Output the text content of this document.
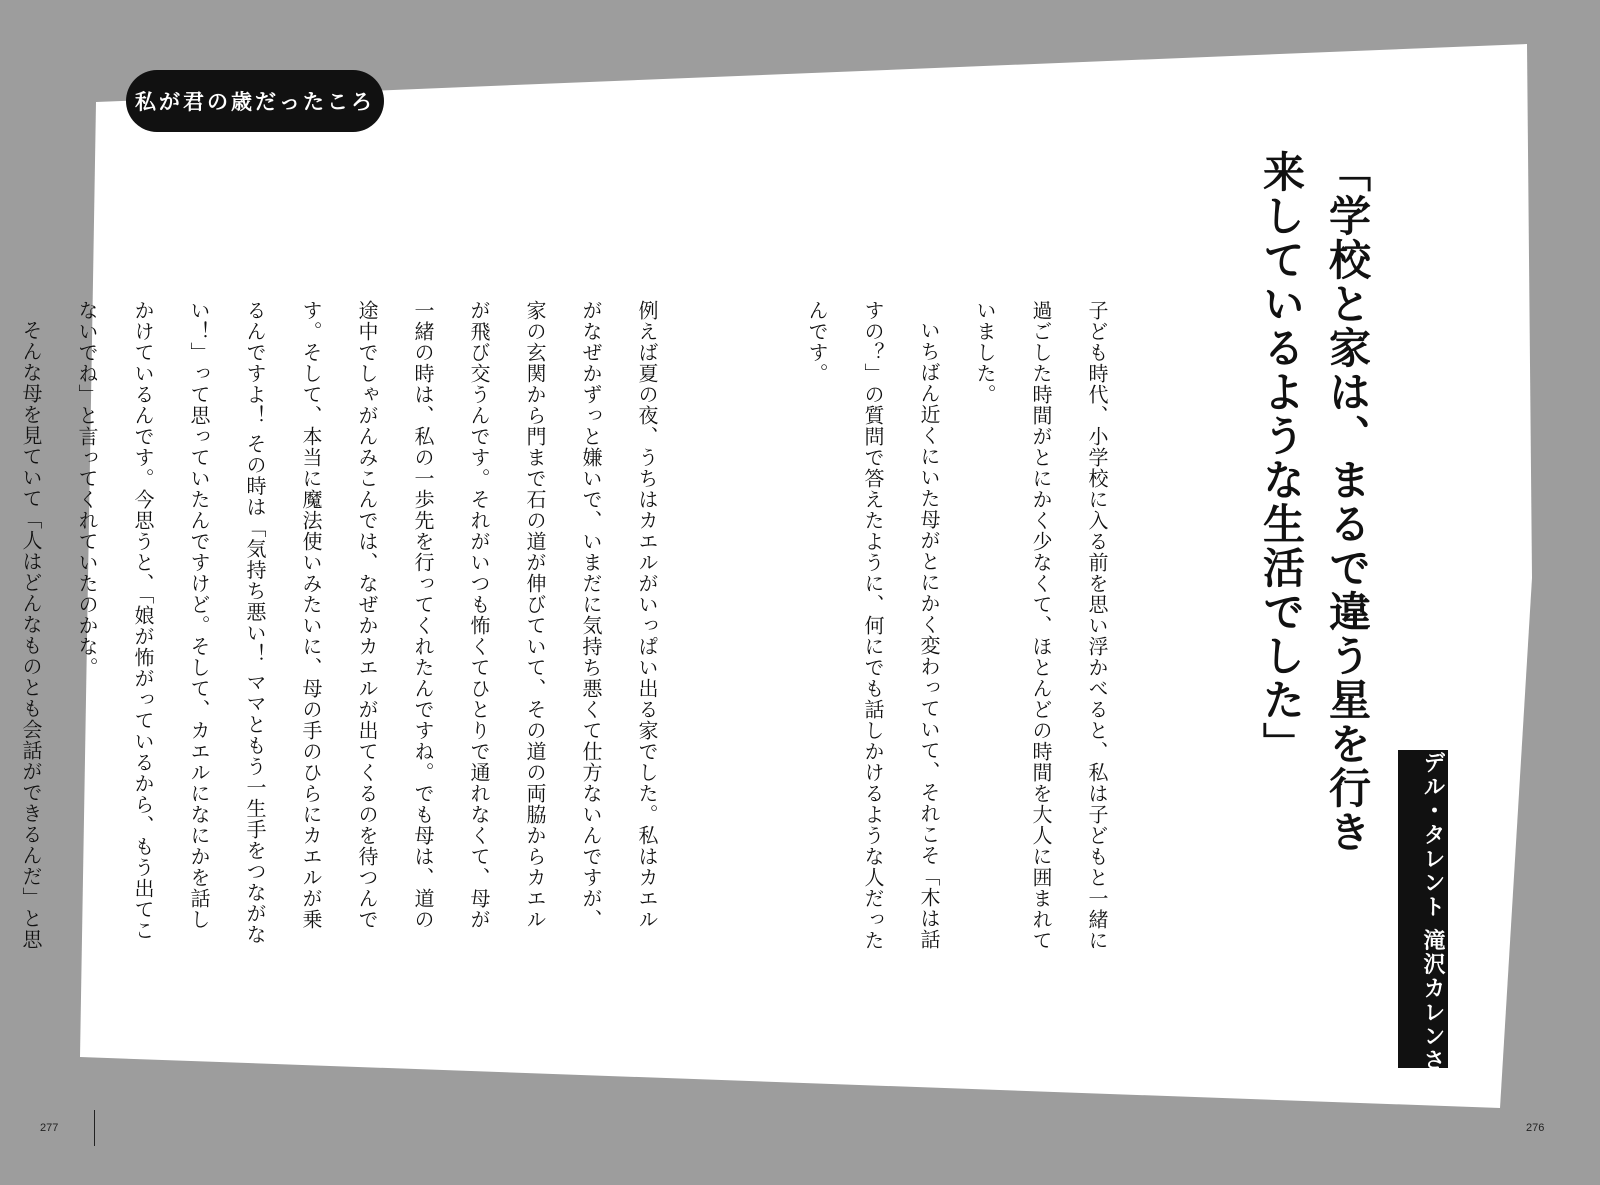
私が君の歳だったころ
「学校と家は、まるで違う星を行き来しているような生活でした」
モデル・タレント 滝沢カレンさん

子ども時代、小学校に入る前を思い浮かべると、私は子どもと一緒に過ごした時間がとにかく少なくて、ほとんどの時間を大人に囲まれていました。

いちばん近くにいた母がとにかく変わっていて、それこそ「木は話すの？」の質問で答えたように、何にでも話しかけるような人だったんです。

例えば夏の夜、うちはカエルがいっぱい出る家でした。私はカエルがなぜかずっと嫌いで、いまだに気持ち悪くて仕方ないんですが、家の玄関から門まで石の道が伸びていて、その道の両脇からカエルが飛び交うんです。それがいつも怖くてひとりで通れなくて、母が一緒の時は、私の一歩先を行ってくれたんですね。でも母は、道の途中でしゃがんみこんでは、なぜかカエルが出てくるのを待つんです。そして、本当に魔法使いみたいに、母の手のひらにカエルが乗るんですよ！ その時は「気持ち悪い！ ママともう一生手をつながない！」って思っていたんですけど。そして、カエルになにかを話しかけているんです。今思うと、「娘が怖がっているから、もう出てこないでね」と言ってくれていたのかな。

そんな母を見ていて「人はどんなものとも会話ができるんだ」と思

277	276
